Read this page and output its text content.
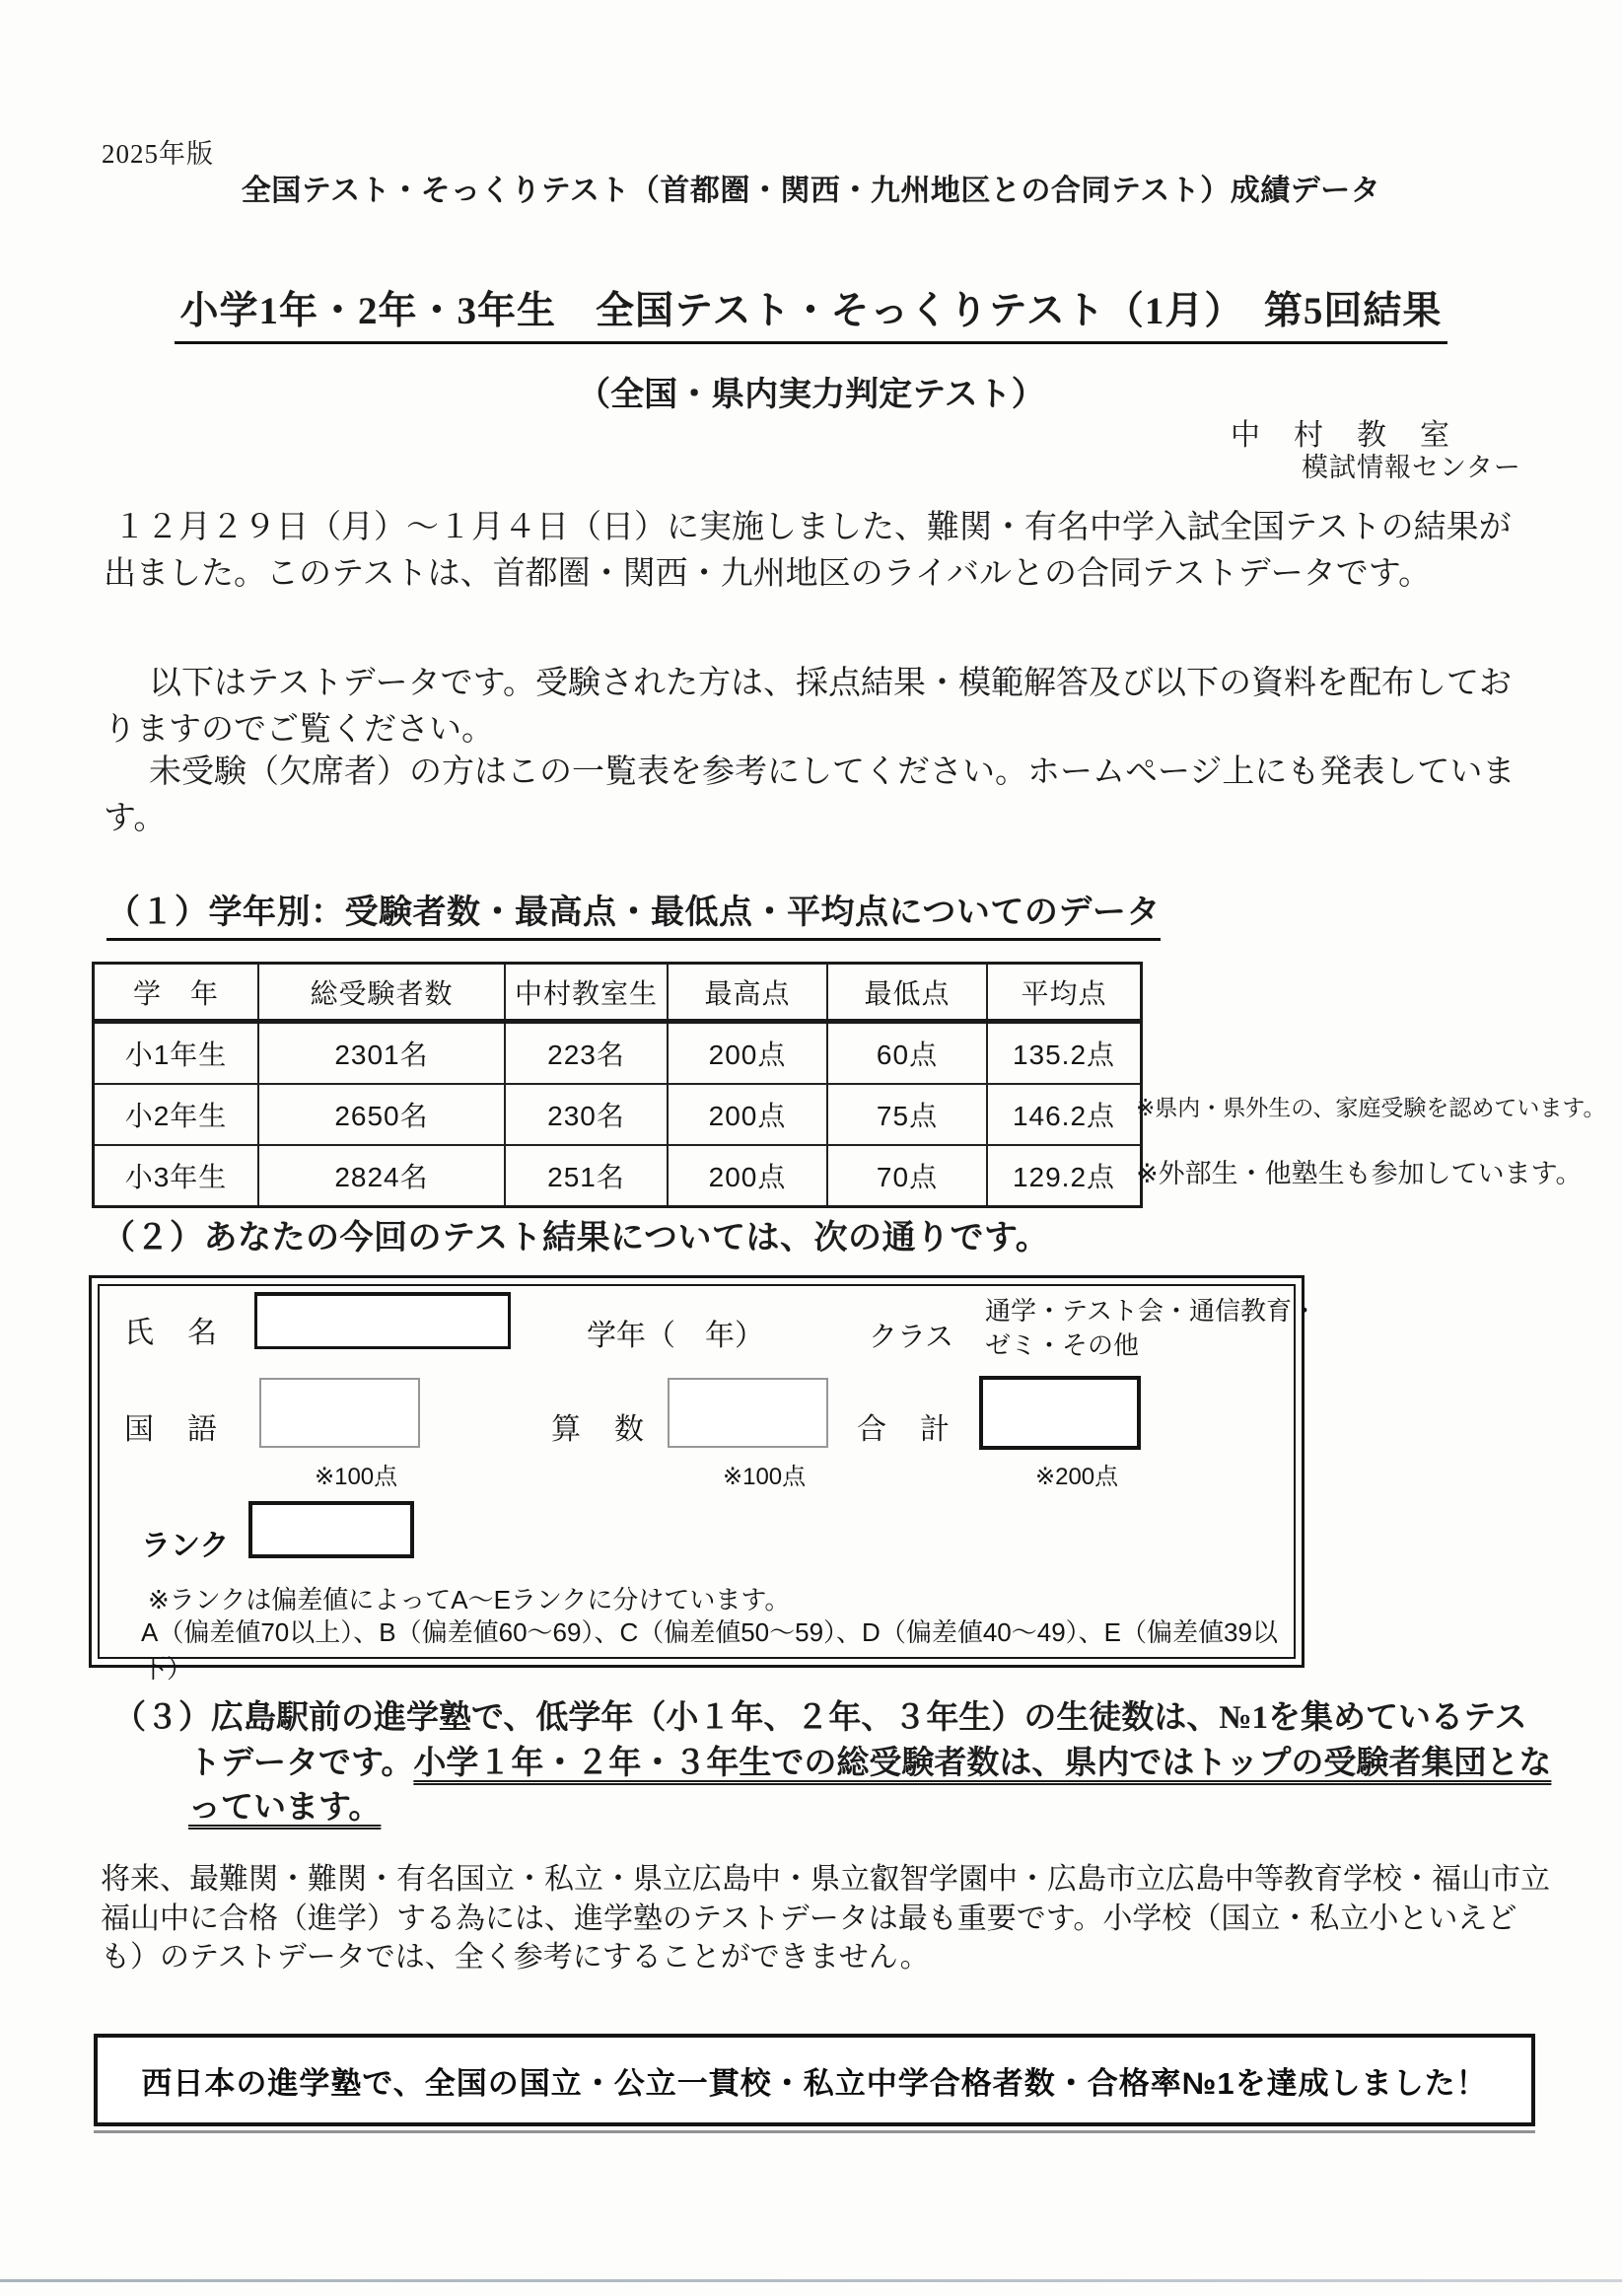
2025年版
全国テスト・そっくりテスト（首都圏・関西・九州地区との合同テスト）成績データ
小学1年・2年・3年生　全国テスト・そっくりテスト（1月）　第5回結果
（全国・県内実力判定テスト）
中　村　教　室
模試情報センター
１２月２９日（月）～１月４日（日）に実施しました、難関・有名中学入試全国テストの結果が出ました。このテストは、首都圏・関西・九州地区のライバルとの合同テストデータです。
以下はテストデータです。受験された方は、採点結果・模範解答及び以下の資料を配布しておりますのでご覧ください。
未受験（欠席者）の方はこの一覧表を参考にしてください。ホームページ上にも発表しています。
（１）学年別：受験者数・最高点・最低点・平均点についてのデータ
学　年	総受験者数	中村教室生	最高点	最低点	平均点
小1年生	2301名	223名	200点	60点	135.2点
小2年生	2650名	230名	200点	75点	146.2点
小3年生	2824名	251名	200点	70点	129.2点
※県内・県外生の、家庭受験を認めています。
※外部生・他塾生も参加しています。
（２）あなたの今回のテスト結果については、次の通りです。
氏　名	学年（　年）	クラス
通学・テスト会・通信教育・ゼミ・その他
国　語
※100点
算　数
※100点
合　計
※200点
ランク
※ランクは偏差値によってA～Eランクに分けています。
A（偏差値70以上）、B（偏差値60～69）、C（偏差値50～59）、D（偏差値40～49）、E（偏差値39以下）
（３）広島駅前の進学塾で、低学年（小１年、２年、３年生）の生徒数は、№1を集めているテストデータです。小学１年・２年・３年生での総受験者数は、県内ではトップの受験者集団となっています。
将来、最難関・難関・有名国立・私立・県立広島中・県立叡智学園中・広島市立広島中等教育学校・福山市立福山中に合格（進学）する為には、進学塾のテストデータは最も重要です。小学校（国立・私立小といえども）のテストデータでは、全く参考にすることができません。
西日本の進学塾で、全国の国立・公立一貫校・私立中学合格者数・合格率№1を達成しました！
